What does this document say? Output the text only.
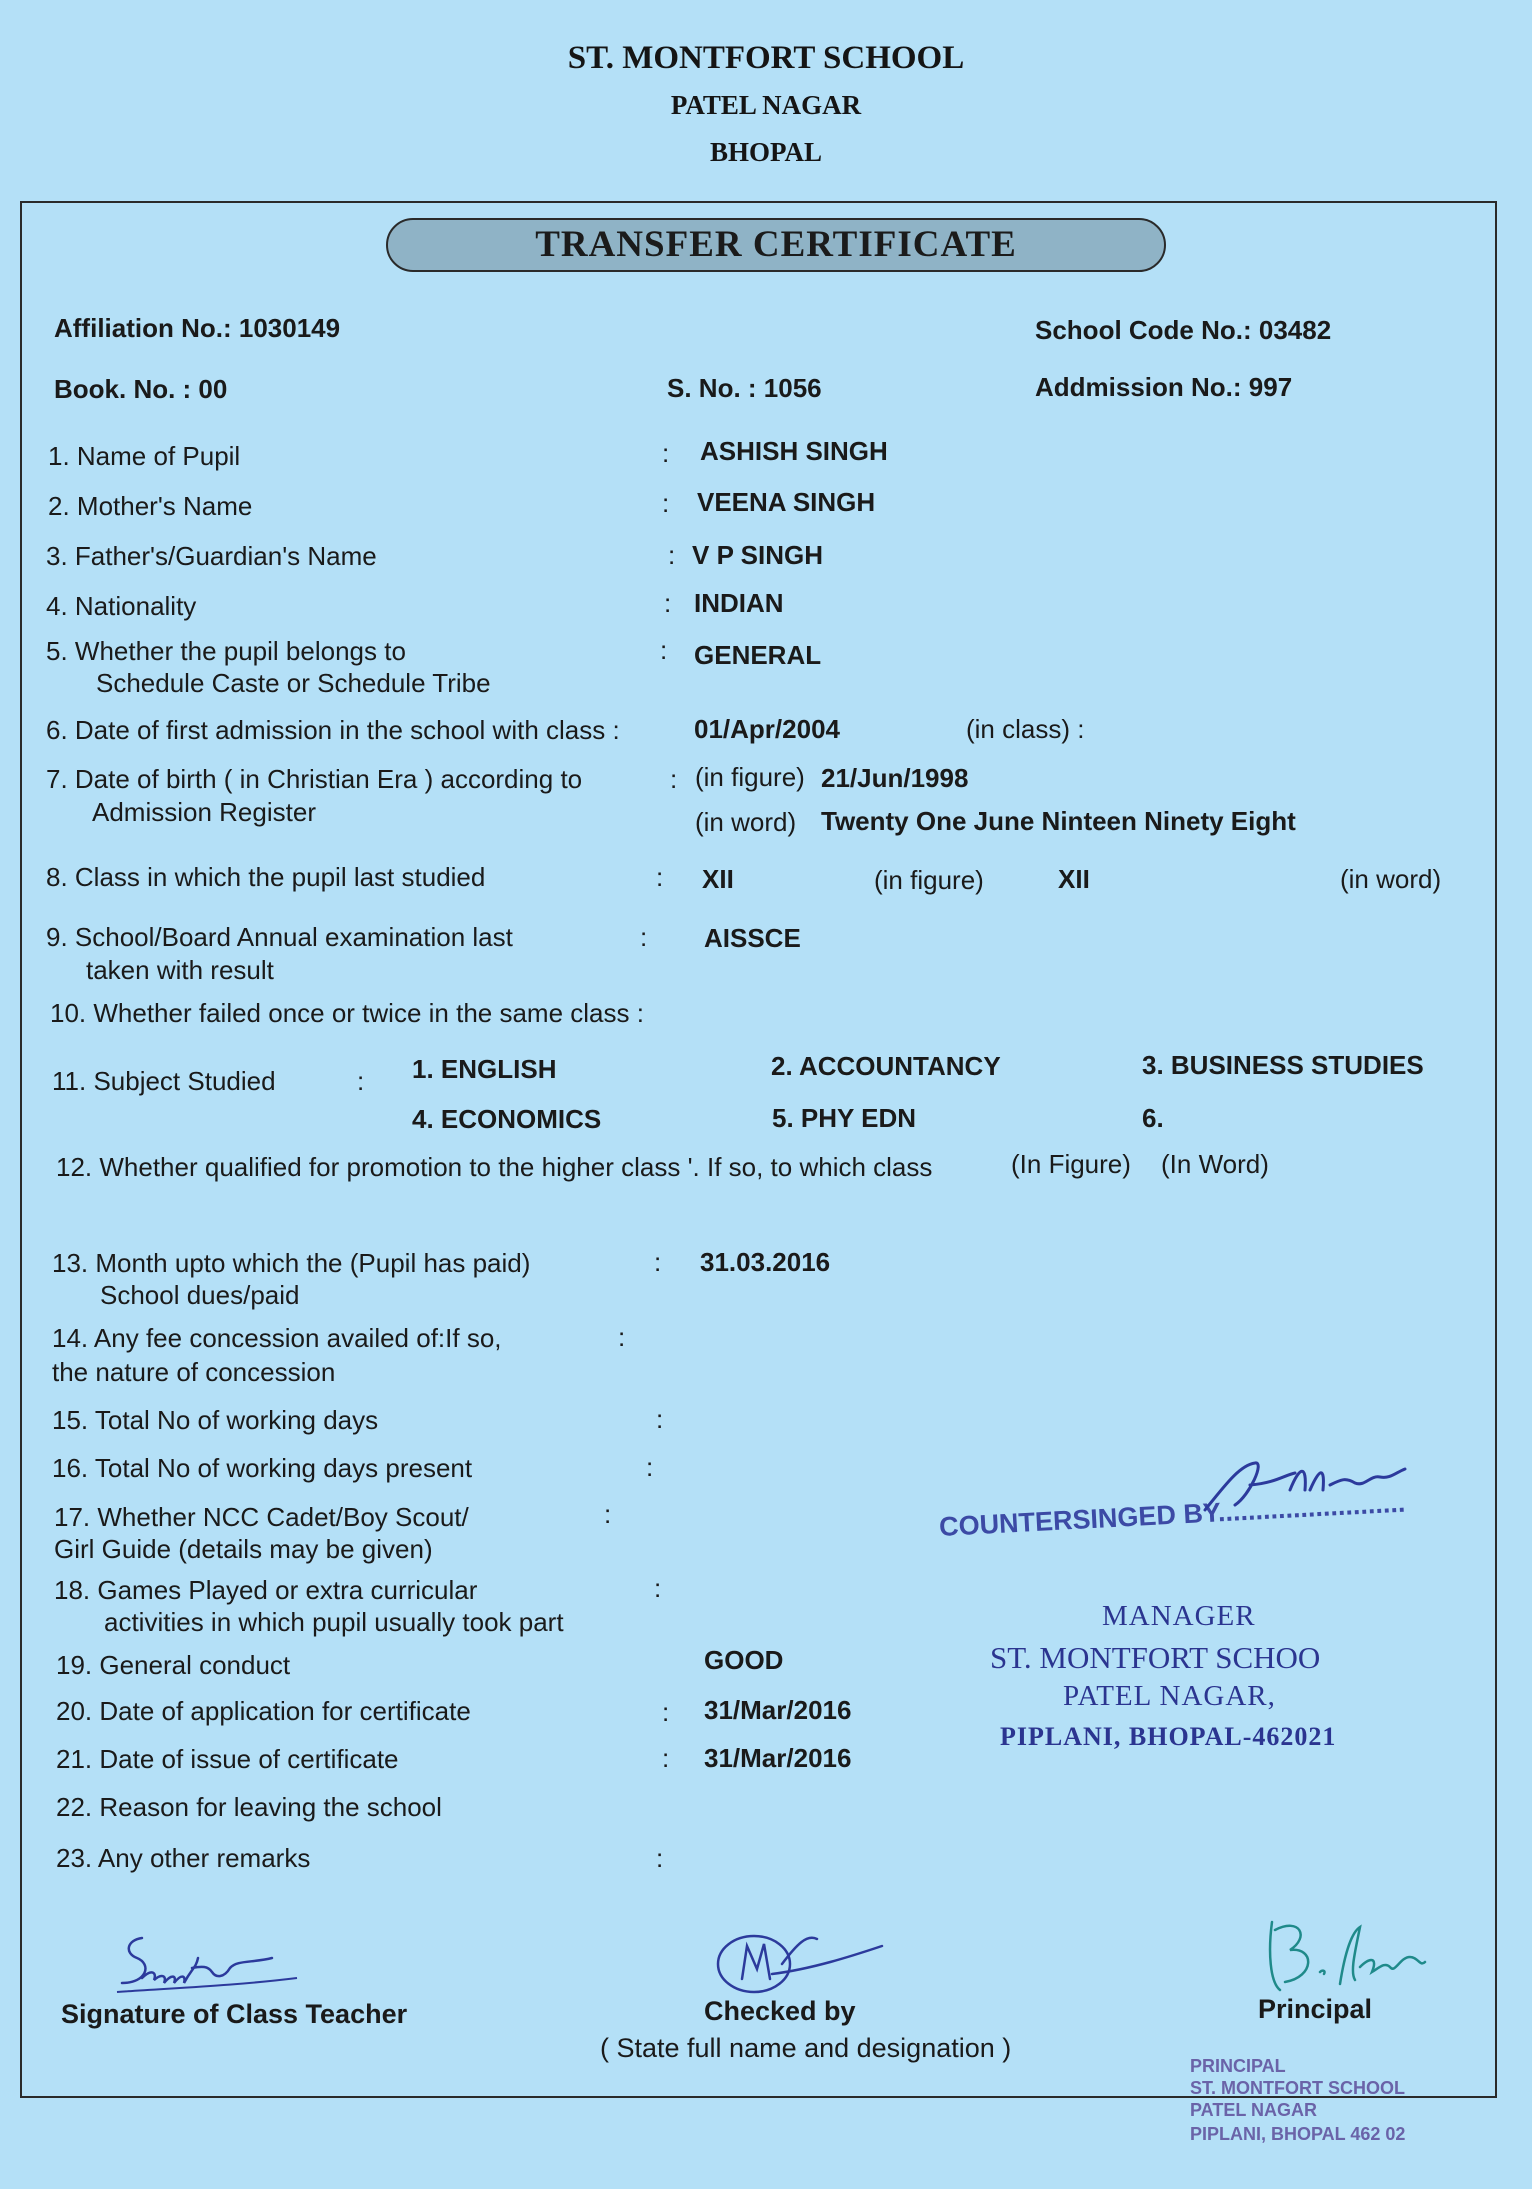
ST. MONTFORT SCHOOL
PATEL NAGAR
BHOPAL
TRANSFER CERTIFICATE
Affiliation No.: 1030149	School Code No.: 03482
Book. No. : 00	S. No. : 1056	Addmission No.: 997
1. Name of Pupil	: ASHISH SINGH
2. Mother's Name	: VEENA SINGH
3. Father's/Guardian's Name	: V P SINGH
4. Nationality	: INDIAN
5. Whether the pupil belongs to
Schedule Caste or Schedule Tribe
: GENERAL
6. Date of first admission in the school with class :	01/Apr/2004	(in class) :
7. Date of birth ( in Christian Era ) according to
Admission Register
: (in figure) 21/Jun/1998
(in word) Twenty One June Ninteen Ninety Eight
8. Class in which the pupil last studied	: XII	(in figure)	XII	(in word)
9. School/Board Annual examination last
taken with result
: AISSCE
10. Whether failed once or twice in the same class :
11. Subject Studied	: 1. ENGLISH	2. ACCOUNTANCY	3. BUSINESS STUDIES
4. ECONOMICS	5. PHY EDN	6.
12. Whether qualified for promotion to the higher class '. If so, to which class	(In Figure) (In Word)
13. Month upto which the (Pupil has paid)
School dues/paid
: 31.03.2016
14. Any fee concession availed of:If so,
the nature of concession
:
15. Total No of working days	:
16. Total No of working days present	:
17. Whether NCC Cadet/Boy Scout/
Girl Guide (details may be given)
:
18. Games Played or extra curricular
activities in which pupil usually took part
:
19. General conduct	GOOD
20. Date of application for certificate	: 31/Mar/2016
21. Date of issue of certificate	: 31/Mar/2016
22. Reason for leaving the school
23. Any other remarks	:
COUNTERSINGED BY.........................
MANAGER
ST. MONTFORT SCHOO
PATEL NAGAR,
PIPLANI, BHOPAL-462021
Signature of Class Teacher	Checked by
( State full name and designation )
Principal
PRINCIPAL
ST. MONTFORT SCHOOL
PATEL NAGAR
PIPLANI, BHOPAL 462 02
